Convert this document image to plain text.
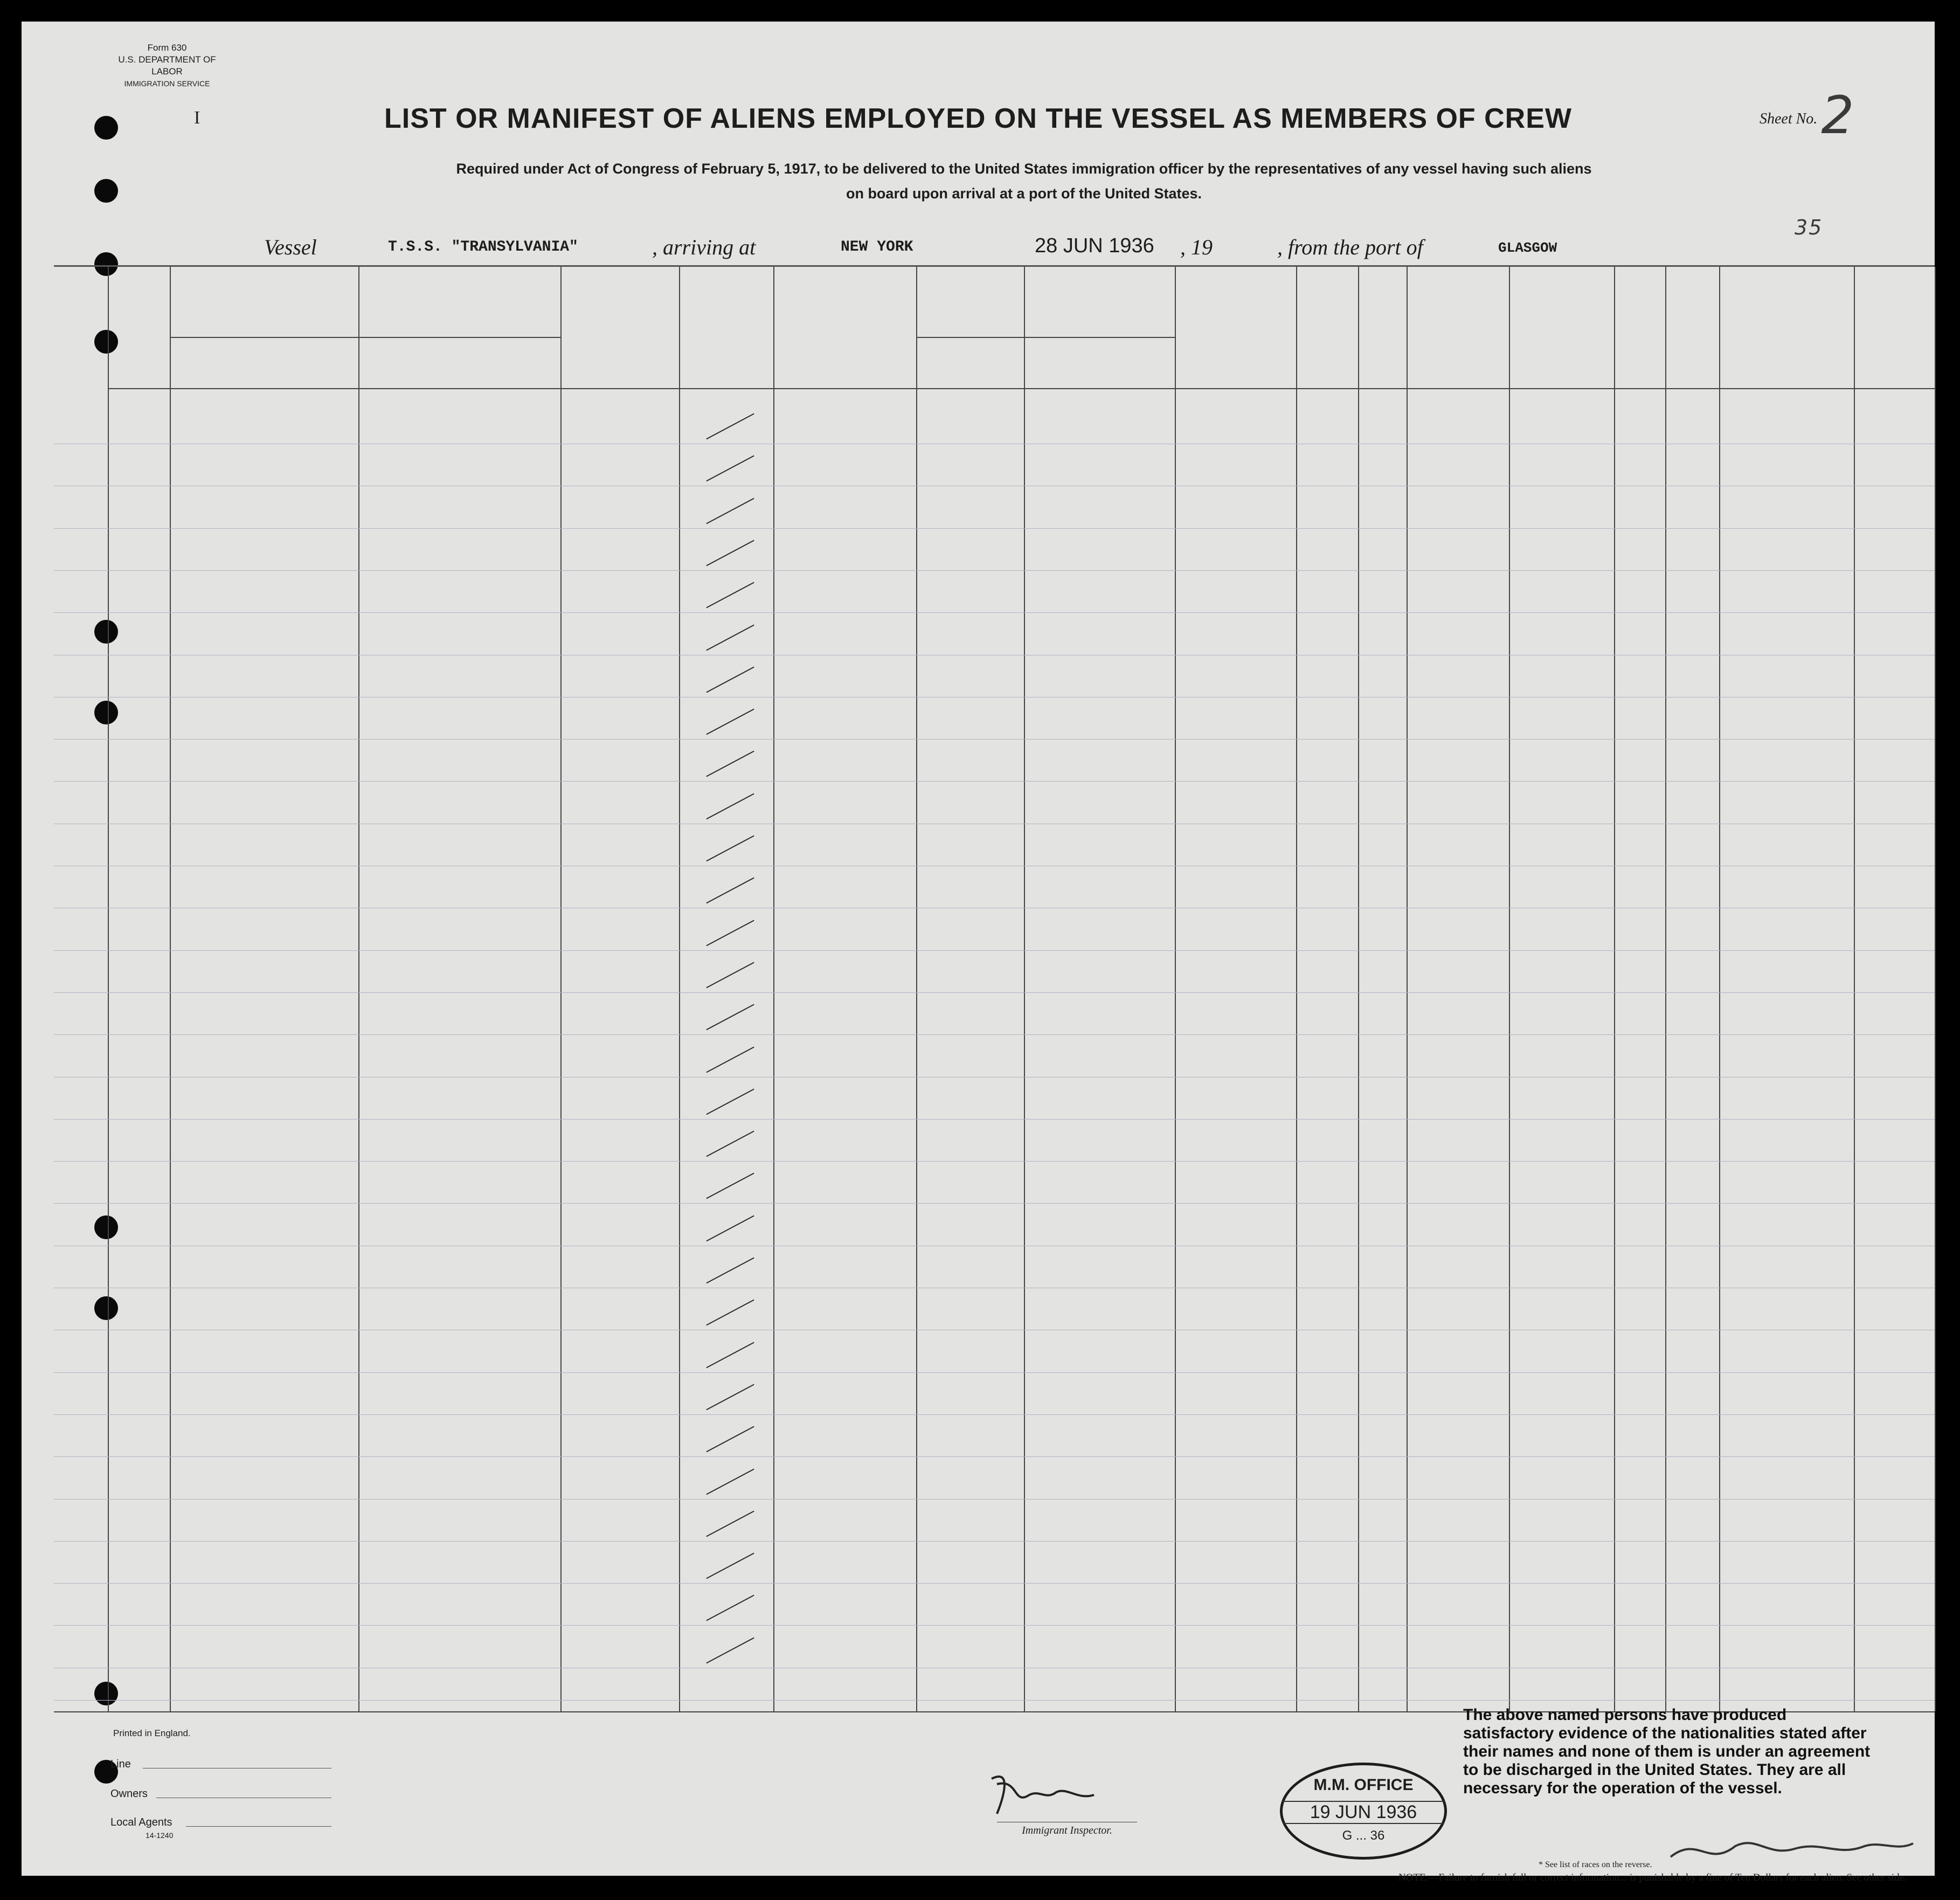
Form 630
U.S. DEPARTMENT OF LABOR
IMMIGRATION SERVICE
I	Sheet No. 2
LIST OR MANIFEST OF ALIENS EMPLOYED ON THE VESSEL AS MEMBERS OF CREW
Required under Act of Congress of February 5, 1917, to be delivered to the United States immigration officer by the representatives of any vessel having such aliens
on board upon arrival at a port of the United States.
35
Vessel	T.S.S. "TRANSYLVANIA"	, arriving at	NEW YORK	28 JUN 1936 , 19	, from the port of	GLASGOW
Printed in England.
Line
Owners
Local Agents
14-1240	Immigrant Inspector.
M.M. OFFICE
19 JUN 1936
G ... 36
The above named persons have produced satisfactory evidence of the nationalities stated after their names and none of them is under an agreement to be discharged in the United States. They are all necessary for the operation of the vessel.
* See list of races on the reverse.
NOTE.—Failure to furnish full or correct information... is punishable by a fine of Ten Dollars for each alien. See other side.
